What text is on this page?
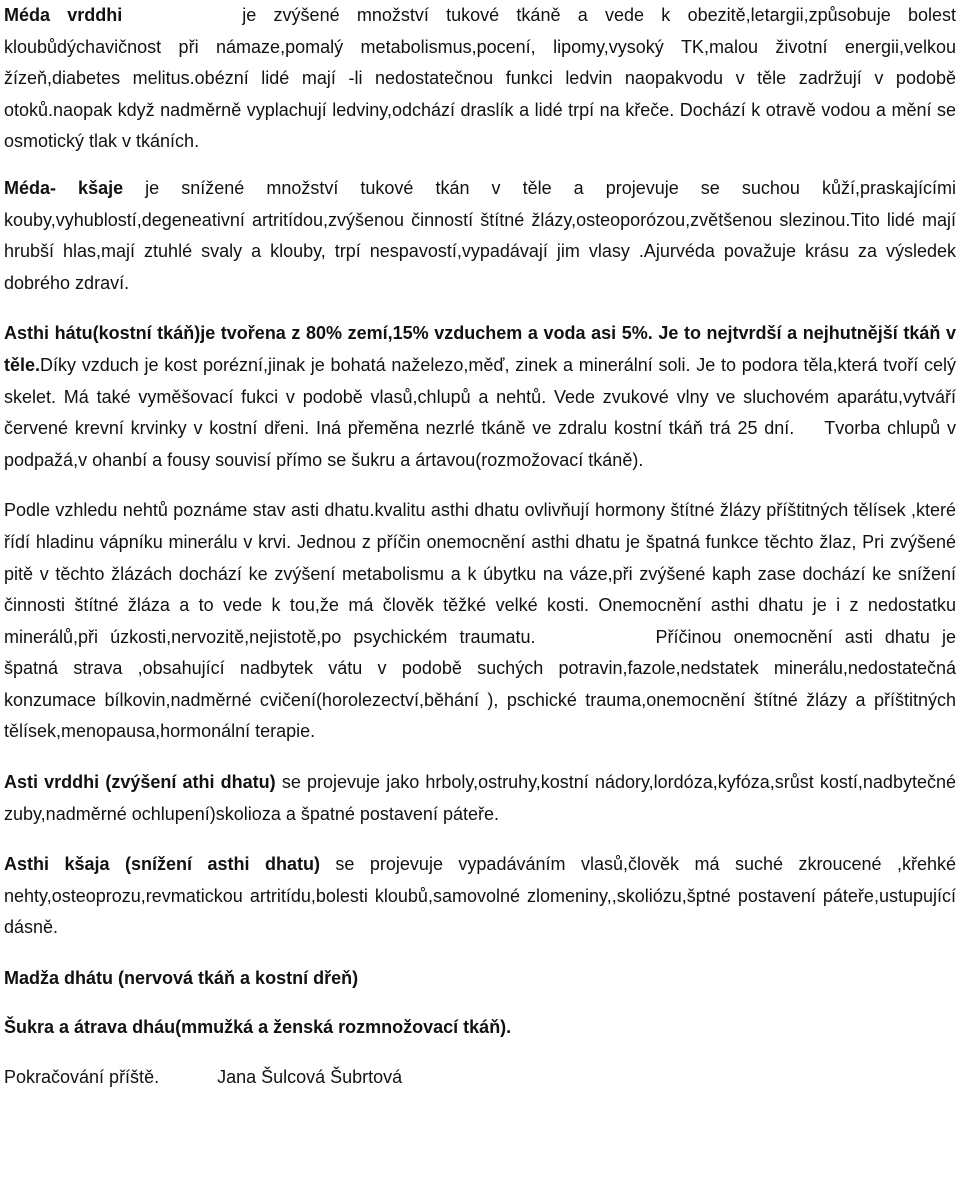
Méda vrddhi	je zvýšené množství tukové tkáně a vede k obezitě,letargii,způsobuje bolest kloubůdýchavičnost při námaze,pomalý metabolismus,pocení, lipomy,vysoký TK,malou životní energii,velkou žízeň,diabetes melitus.obézní lidé mají -li nedostatečnou funkci ledvin naopakvodu v těle zadržují v podobě otoků.naopak když nadměrně vyplachují ledviny,odchází draslík a lidé trpí na křeče. Dochází k otravě vodou a mění se osmotický tlak v tkáních.

Méda- kšaje je snížené množství tukové tkán v těle a projevuje se suchou kůží,praskajícími kouby,vyhublostí,degeneativní artritídou,zvýšenou činností štítné žlázy,osteoporózou,zvětšenou slezinou.Tito lidé mají hrubší hlas,mají ztuhlé svaly a klouby, trpí nespavostí,vypadávají jim vlasy .Ajurvéda považuje krásu za výsledek dobrého zdraví.

Asthi hátu(kostní tkáň)je tvořena z 80% zemí,15% vzduchem a voda asi 5%. Je to nejtvrdší a nejhutnější tkáň v těle.Díky vzduch je kost porézní,jinak je bohatá naželezo,měď, zinek a minerální soli. Je to podora těla,která tvoří celý skelet. Má také vyměšovací fukci v podobě vlasů,chlupů a nehtů. Vede zvukové vlny ve sluchovém aparátu,vytváří červené krevní krvinky v kostní dřeni. Iná přeměna nezrlé tkáně ve zdralu kostní tkáň trá 25 dní. Tvorba chlupů v podpažá,v ohanbí a fousy souvisí přímo se šukru a ártavou(rozmožovací tkáně).

Podle vzhledu nehtů poznáme stav asti dhatu.kvalitu asthi dhatu ovlivňují hormony štítné žlázy příštitných tělísek ,které řídí hladinu vápníku minerálu v krvi. Jednou z příčin onemocnění asthi dhatu je špatná funkce těchto žlaz, Pri zvýšené pitě v těchto žlázách dochází ke zvýšení metabolismu a k úbytku na váze,při zvýšené kaph zase dochází ke snížení činnosti štítné žláza a to vede k tou,že má člověk těžké velké kosti. Onemocnění asthi dhatu je i z nedostatku minerálů,při úzkosti,nervozitě,nejistotě,po psychickém traumatu.	Příčinou onemocnění asti dhatu je špatná strava ,obsahující nadbytek vátu v podobě suchých potravin,fazole,nedstatek minerálu,nedostatečná konzumace bílkovin,nadměrné cvičení(horolezectví,běhání ), pschické trauma,onemocnění štítné žlázy a příštitných tělísek,menopausa,hormonální terapie.

Asti vrddhi (zvýšení athi dhatu) se projevuje jako hrboly,ostruhy,kostní nádory,lordóza,kyfóza,srůst kostí,nadbytečné zuby,nadměrné ochlupení)skolioza a špatné postavení páteře.

Asthi kšaja (snížení asthi dhatu) se projevuje vypadáváním vlasů,člověk má suché zkroucené ,křehké nehty,osteoprozu,revmatickou artritídu,bolesti kloubů,samovolné zlomeniny,,skoliózu,šptné postavení páteře,ustupující dásně.

Madža dhátu (nervová tkáň a kostní dřeň)

Šukra a átrava dháu(mmužká a ženská rozmnožovací tkáň).

Pokračování příště.	Jana Šulcová Šubrtová
